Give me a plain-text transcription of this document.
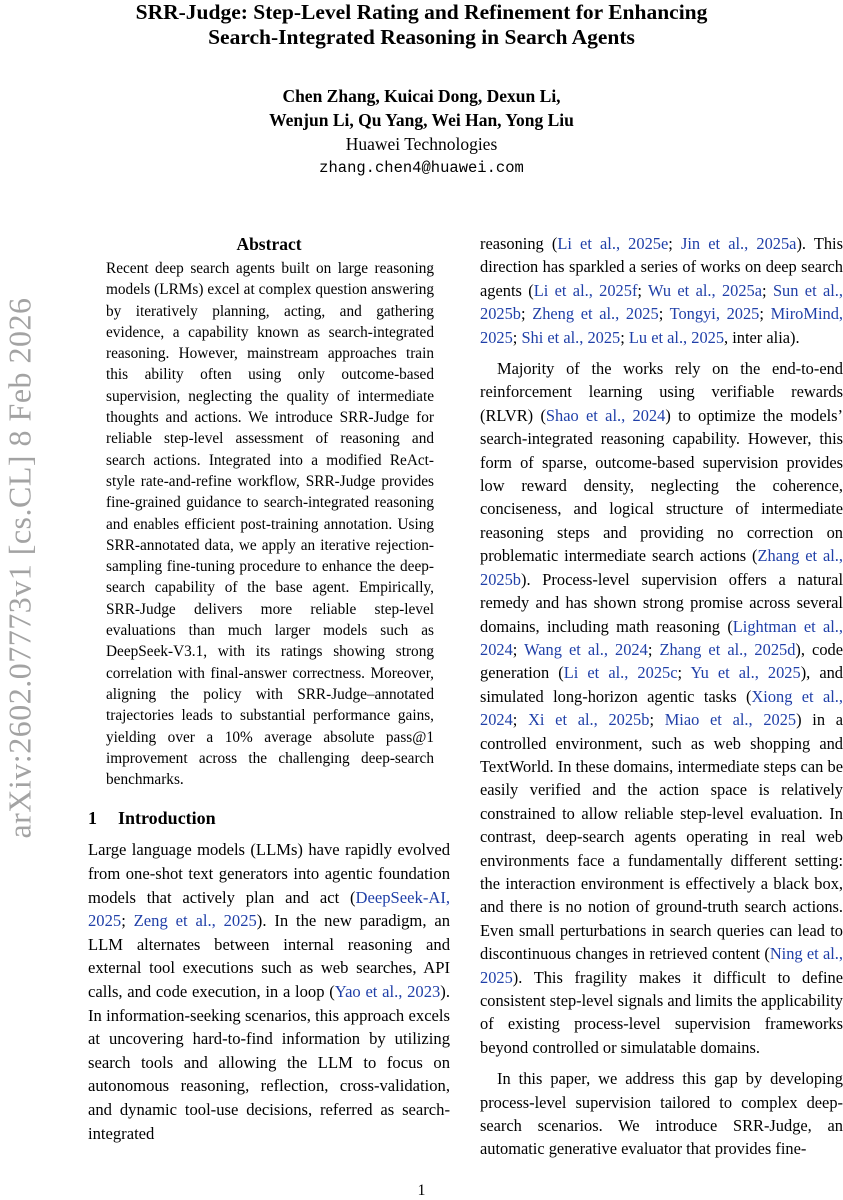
arXiv:2602.07773v1 [cs.CL] 8 Feb 2026
SRR-Judge: Step-Level Rating and Refinement for Enhancing
Search-Integrated Reasoning in Search Agents
Chen Zhang, Kuicai Dong, Dexun Li,
Wenjun Li, Qu Yang, Wei Han, Yong Liu
Huawei Technologies
zhang.chen4@huawei.com
Abstract
Recent deep search agents built on large reasoning models (LRMs) excel at complex question answering by iteratively planning, acting, and gathering evidence, a capability known as search-integrated reasoning. However, mainstream approaches train this ability often using only outcome-based supervision, neglecting the quality of intermediate thoughts and actions. We introduce SRR-Judge for reliable step-level assessment of reasoning and search actions. Integrated into a modified ReAct-style rate-and-refine workflow, SRR-Judge provides fine-grained guidance to search-integrated reasoning and enables efficient post-training annotation. Using SRR-annotated data, we apply an iterative rejection-sampling fine-tuning procedure to enhance the deep-search capability of the base agent. Empirically, SRR-Judge delivers more reliable step-level evaluations than much larger models such as DeepSeek-V3.1, with its ratings showing strong correlation with final-answer correctness. Moreover, aligning the policy with SRR-Judge–annotated trajectories leads to substantial performance gains, yielding over a 10% average absolute pass@1 improvement across the challenging deep-search benchmarks.
1 Introduction

Large language models (LLMs) have rapidly evolved from one-shot text generators into agentic foundation models that actively plan and act (DeepSeek-AI, 2025; Zeng et al., 2025). In the new paradigm, an LLM alternates between internal reasoning and external tool executions such as web searches, API calls, and code execution, in a loop (Yao et al., 2023). In information-seeking scenarios, this approach excels at uncovering hard-to-find information by utilizing search tools and allowing the LLM to focus on autonomous reasoning, reflection, cross-validation, and dynamic tool-use decisions, referred as search-integrated

reasoning (Li et al., 2025e; Jin et al., 2025a). This direction has sparkled a series of works on deep search agents (Li et al., 2025f; Wu et al., 2025a; Sun et al., 2025b; Zheng et al., 2025; Tongyi, 2025; MiroMind, 2025; Shi et al., 2025; Lu et al., 2025, inter alia).

Majority of the works rely on the end-to-end reinforcement learning using verifiable rewards (RLVR) (Shao et al., 2024) to optimize the models’ search-integrated reasoning capability. However, this form of sparse, outcome-based supervision provides low reward density, neglecting the coherence, conciseness, and logical structure of intermediate reasoning steps and providing no correction on problematic intermediate search actions (Zhang et al., 2025b). Process-level supervision offers a natural remedy and has shown strong promise across several domains, including math reasoning (Lightman et al., 2024; Wang et al., 2024; Zhang et al., 2025d), code generation (Li et al., 2025c; Yu et al., 2025), and simulated long-horizon agentic tasks (Xiong et al., 2024; Xi et al., 2025b; Miao et al., 2025) in a controlled environment, such as web shopping and TextWorld. In these domains, intermediate steps can be easily verified and the action space is relatively constrained to allow reliable step-level evaluation. In contrast, deep-search agents operating in real web environments face a fundamentally different setting: the interaction environment is effectively a black box, and there is no notion of ground-truth search actions. Even small perturbations in search queries can lead to discontinuous changes in retrieved content (Ning et al., 2025). This fragility makes it difficult to define consistent step-level signals and limits the applicability of existing process-level supervision frameworks beyond controlled or simulatable domains.

In this paper, we address this gap by developing process-level supervision tailored to complex deep-search scenarios. We introduce SRR-Judge, an automatic generative evaluator that provides fine-

1
